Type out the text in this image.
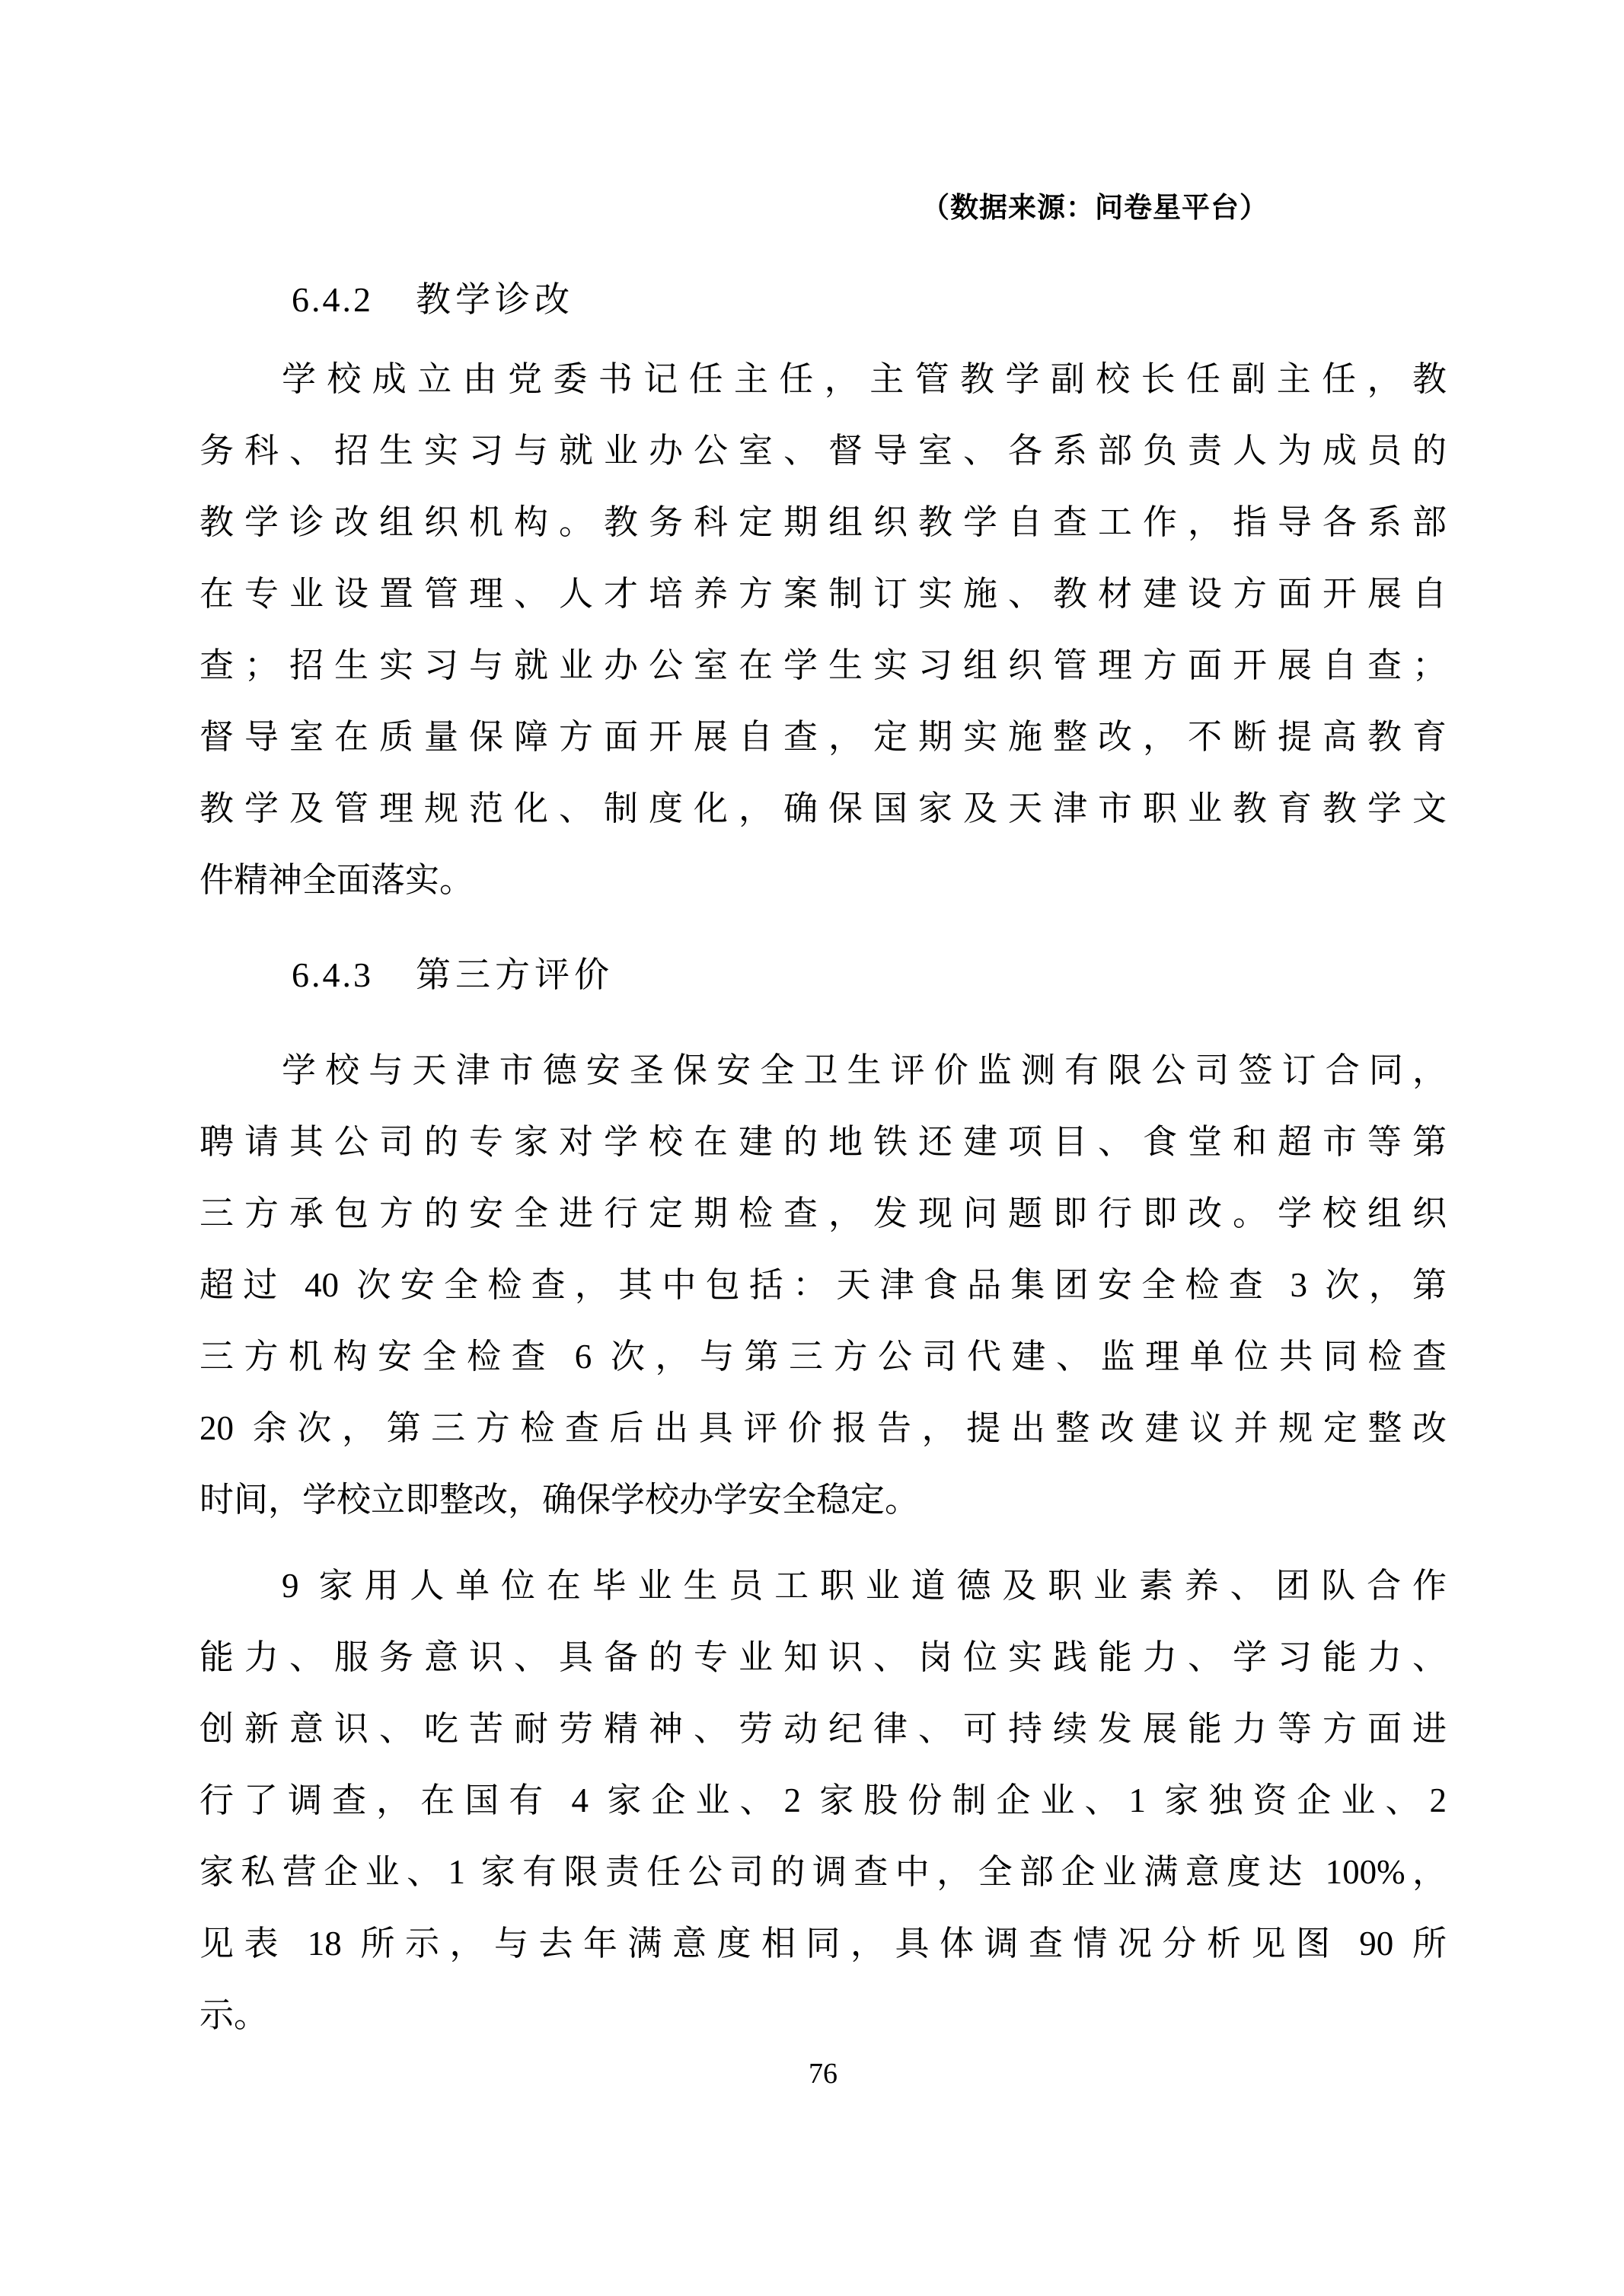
（数据来源：问卷星平台）
6.4.2 教学诊改
学校成立由党委书记任主任，主管教学副校长任副主任，教
务科、招生实习与就业办公室、督导室、各系部负责人为成员的
教学诊改组织机构。教务科定期组织教学自查工作，指导各系部
在专业设置管理、人才培养方案制订实施、教材建设方面开展自
查；招生实习与就业办公室在学生实习组织管理方面开展自查；
督导室在质量保障方面开展自查，定期实施整改，不断提高教育
教学及管理规范化、制度化，确保国家及天津市职业教育教学文
件精神全面落实。
6.4.3 第三方评价
学校与天津市德安圣保安全卫生评价监测有限公司签订合同，
聘请其公司的专家对学校在建的地铁还建项目、食堂和超市等第
三方承包方的安全进行定期检查，发现问题即行即改。学校组织
超过 40 次安全检查，其中包括：天津食品集团安全检查 3 次，第
三方机构安全检查 6 次，与第三方公司代建、监理单位共同检查
20 余次，第三方检查后出具评价报告，提出整改建议并规定整改
时间，学校立即整改，确保学校办学安全稳定。
9 家用人单位在毕业生员工职业道德及职业素养、团队合作
能力、服务意识、具备的专业知识、岗位实践能力、学习能力、
创新意识、吃苦耐劳精神、劳动纪律、可持续发展能力等方面进
行了调查，在国有 4 家企业、2 家股份制企业、1 家独资企业、2
家私营企业、1 家有限责任公司的调查中，全部企业满意度达 100%，
见表 18 所示，与去年满意度相同，具体调查情况分析见图 90 所
示。
76
